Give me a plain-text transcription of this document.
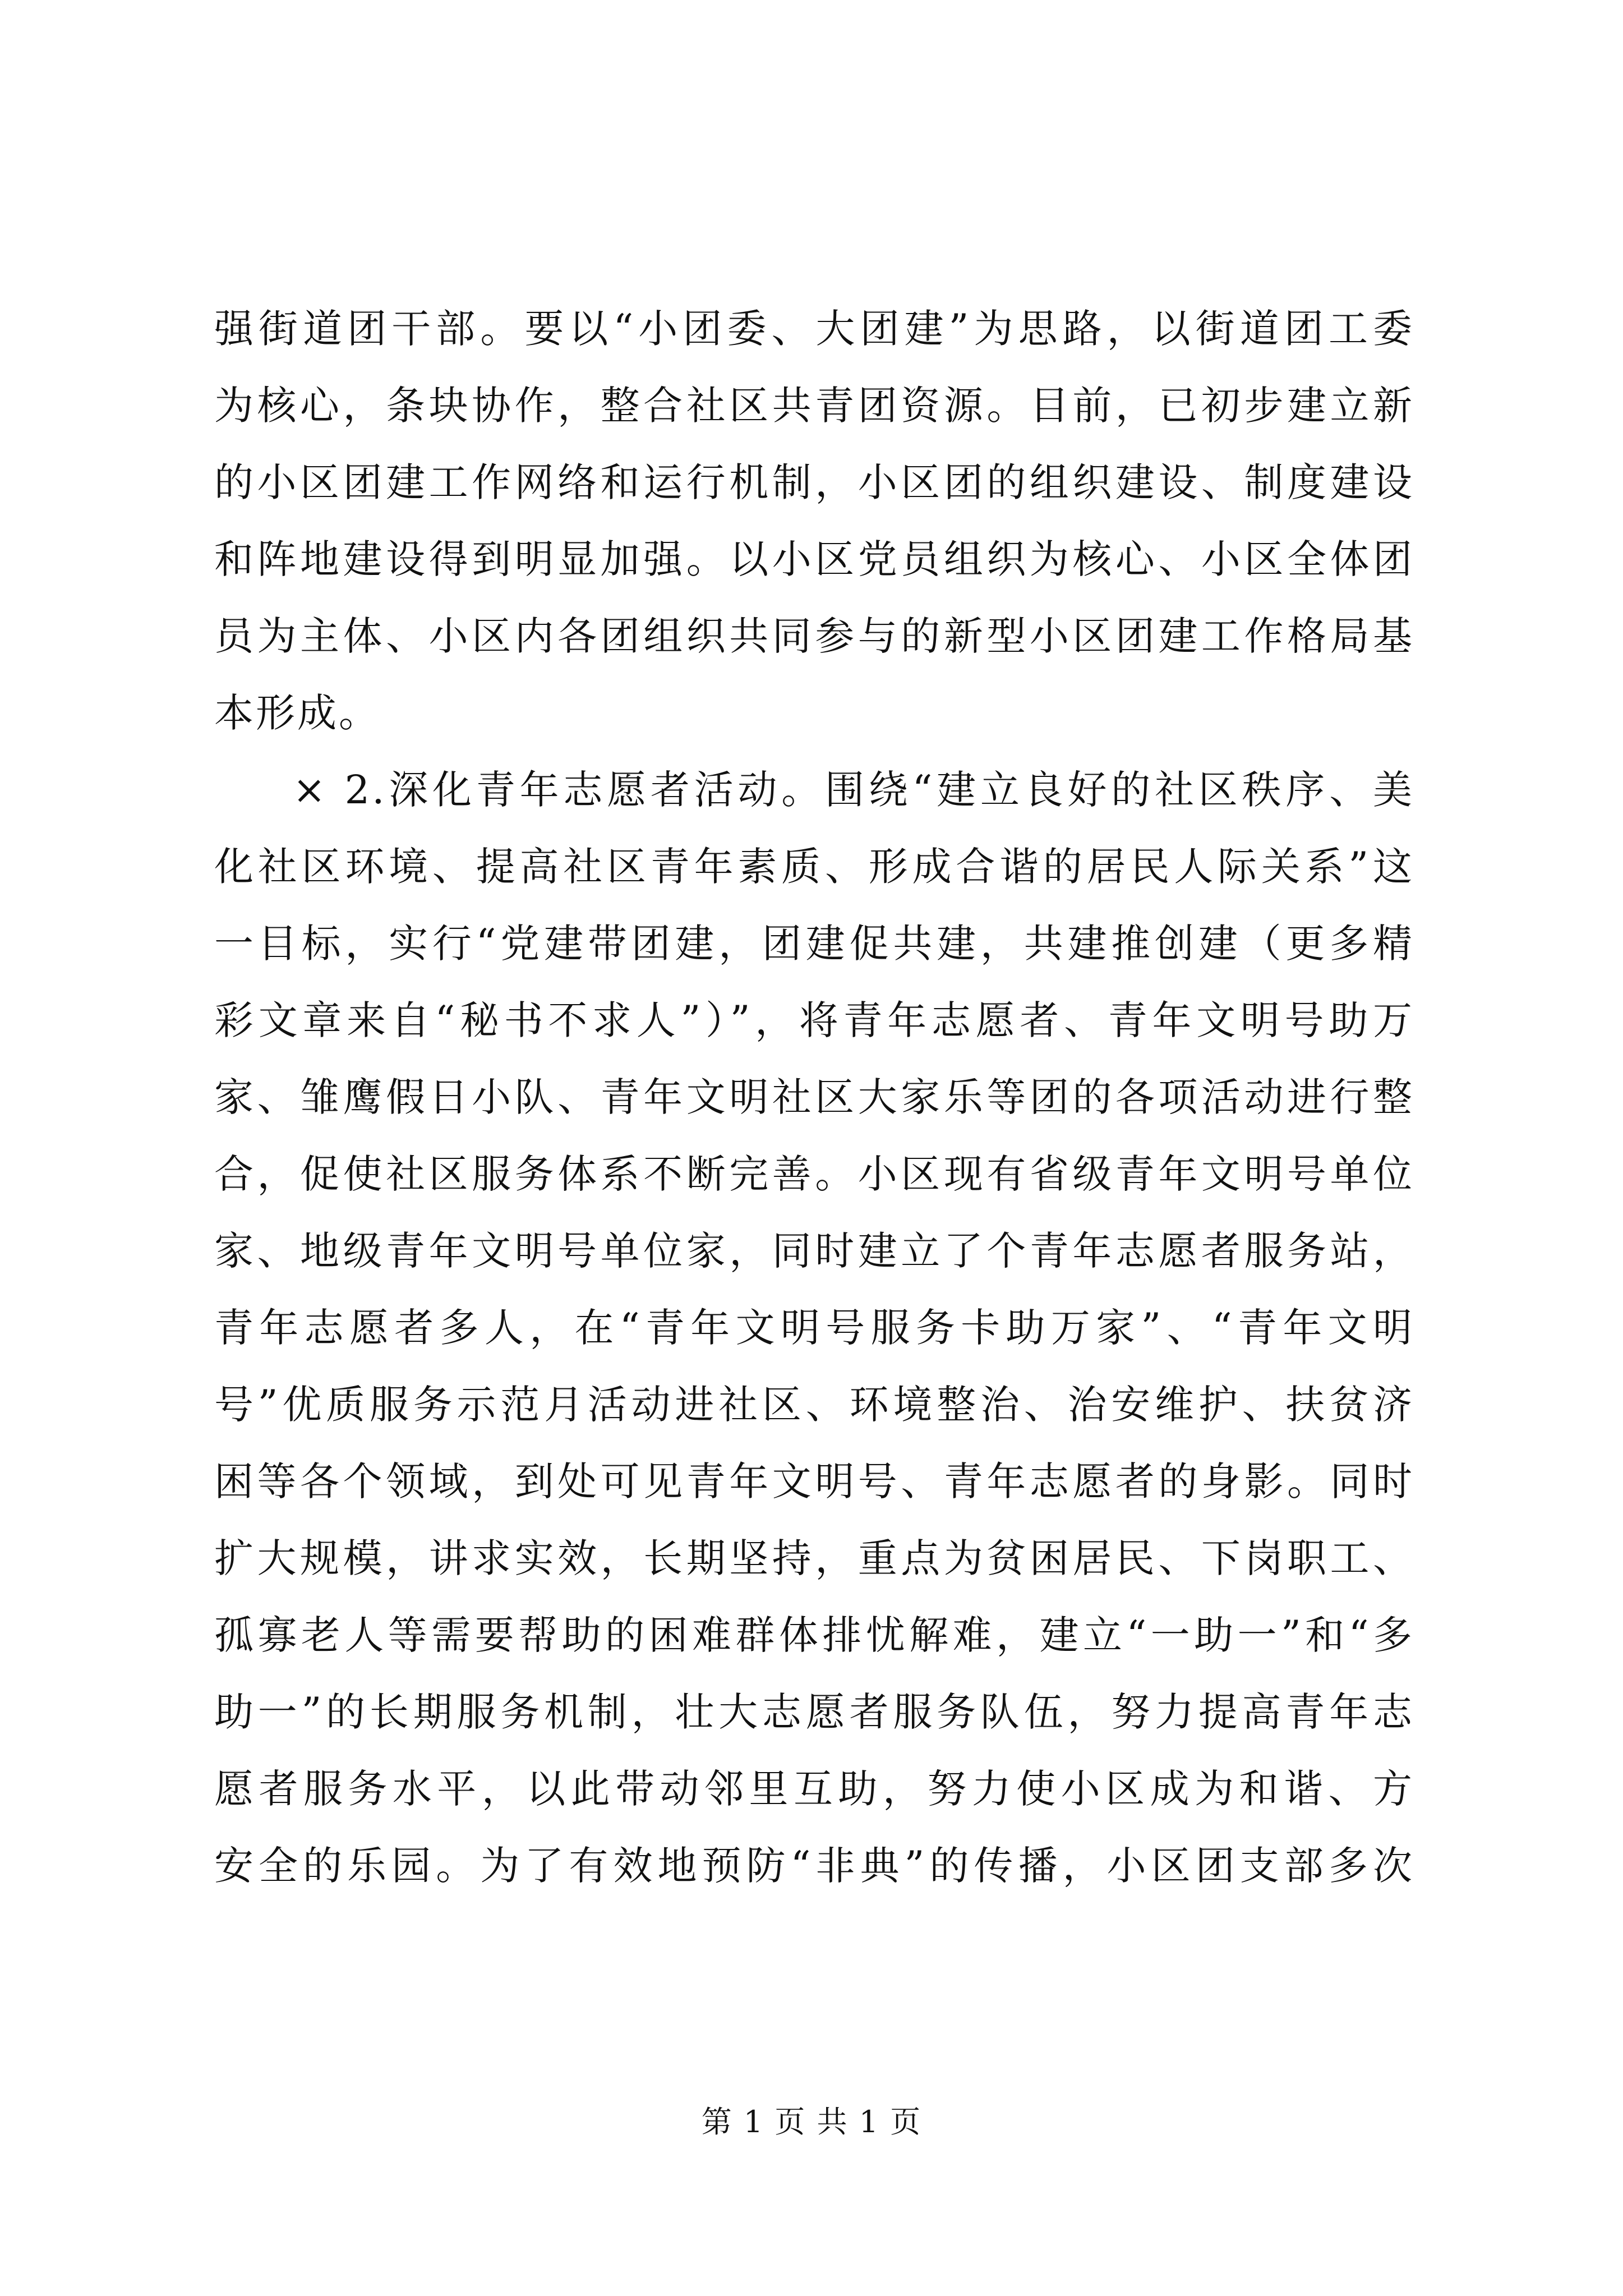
强街道团干部。要以“小团委、大团建”为思路，以街道团工委
为核心，条块协作，整合社区共青团资源。目前，已初步建立新
的小区团建工作网络和运行机制，小区团的组织建设、制度建设
和阵地建设得到明显加强。以小区党员组织为核心、小区全体团
员为主体、小区内各团组织共同参与的新型小区团建工作格局基
本形成。
× 2.深化青年志愿者活动。围绕“建立良好的社区秩序、美
化社区环境、提高社区青年素质、形成合谐的居民人际关系”这
一目标，实行“党建带团建，团建促共建，共建推创建（更多精
彩文章来自“秘书不求人”）”，将青年志愿者、青年文明号助万
家、雏鹰假日小队、青年文明社区大家乐等团的各项活动进行整
合，促使社区服务体系不断完善。小区现有省级青年文明号单位
家、地级青年文明号单位家，同时建立了个青年志愿者服务站，
青年志愿者多人，在“青年文明号服务卡助万家”、“青年文明
号”优质服务示范月活动进社区、环境整治、治安维护、扶贫济
困等各个领域，到处可见青年文明号、青年志愿者的身影。同时
扩大规模，讲求实效，长期坚持，重点为贫困居民、下岗职工、
孤寡老人等需要帮助的困难群体排忧解难，建立“一助一”和“多
助一”的长期服务机制，壮大志愿者服务队伍，努力提高青年志
愿者服务水平，以此带动邻里互助，努力使小区成为和谐、方
安全的乐园。为了有效地预防“非典”的传播，小区团支部多次
第 1 页 共 1 页
